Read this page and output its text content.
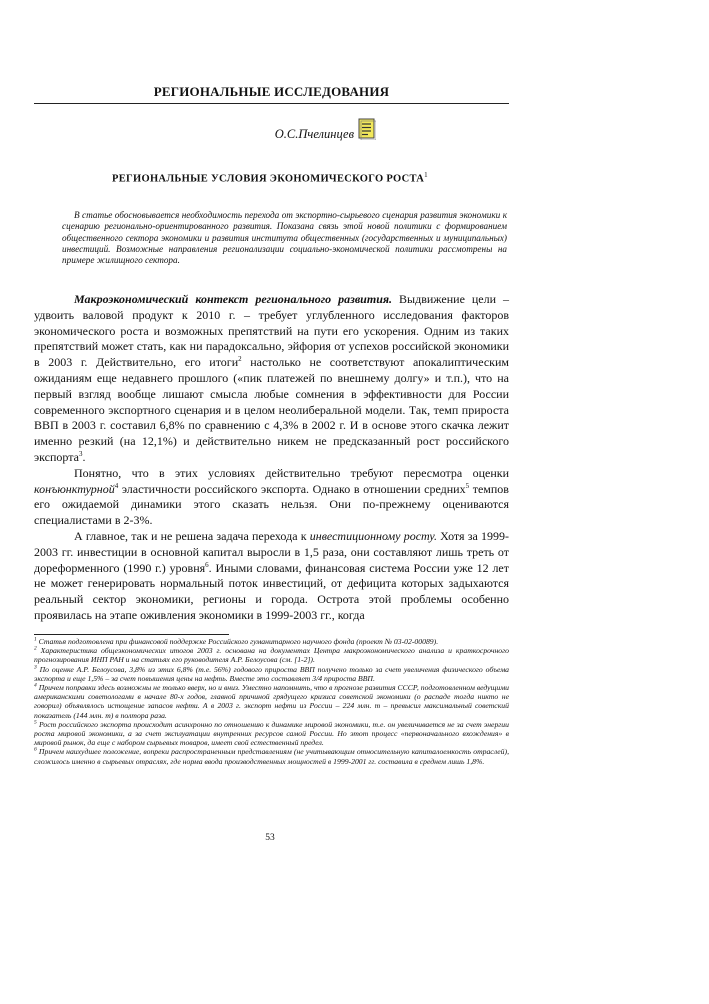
РЕГИОНАЛЬНЫЕ ИССЛЕДОВАНИЯ
О.С.Пчелинцев
РЕГИОНАЛЬНЫЕ УСЛОВИЯ ЭКОНОМИЧЕСКОГО РОСТА$^1$

В статье обосновывается необходимость перехода от экспортно-сырьевого сценария развития экономики к сценарию регионально-ориентированного развития. Показана связь этой новой политики с формированием общественного сектора экономики и развития института общественных (государственных и муниципальных) инвестиций. Возможные направления регионализации социально-экономической политики рассмотрены на примере жилищного сектора.

Макроэкономический контекст регионального развития. Выдвижение цели – удвоить валовой продукт к 2010 г. – требует углубленного исследования факторов экономического роста и возможных препятствий на пути его ускорения. Одним из таких препятствий может стать, как ни парадоксально, эйфория от успехов российской экономики в 2003 г. Действительно, его итоги$^2$ настолько не соответствуют апокалиптическим ожиданиям еще недавнего прошлого («пик платежей по внешнему долгу» и т.п.), что на первый взгляд вообще лишают смысла любые сомнения в эффективности для России современного экспортного сценария и в целом неолиберальной модели. Так, темп прироста ВВП в 2003 г. составил 6,8% по сравнению с 4,3% в 2002 г. И в основе этого скачка лежит именно резкий (на 12,1%) и действительно никем не предсказанный рост российского экспорта$^3$.

Понятно, что в этих условиях действительно требуют пересмотра оценки конъюнктурной$^4$ эластичности российского экспорта. Однако в отношении средних$^5$ темпов его ожидаемой динамики этого сказать нельзя. Они по-прежнему оцениваются специалистами в 2-3%.

А главное, так и не решена задача перехода к инвестиционному росту. Хотя за 1999-2003 гг. инвестиции в основной капитал выросли в 1,5 раза, они составляют лишь треть от дореформенного (1990 г.) уровня$^6$. Иными словами, финансовая система России уже 12 лет не может генерировать нормальный поток инвестиций, от дефицита которых задыхаются реальный сектор экономики, регионы и города. Острота этой проблемы особенно проявилась на этапе оживления экономики в 1999-2003 гг., когда

$^1$ Статья подготовлена при финансовой поддержке Российского гуманитарного научного фонда (проект № 03-02-00089).

$^2$ Характеристика общеэкономических итогов 2003 г. основана на документах Центра макроэкономического анализа и краткосрочного прогнозирования ИНП РАН и на статьях его руководителя А.Р. Белоусова (см. [1-2]).

$^3$ По оценке А.Р. Белоусова, 3,8% из этих 6,8% (т.е. 56%) годового прироста ВВП получено только за счет увеличения физического объема экспорта и еще 1,5% – за счет повышения цены на нефть. Вместе это составляет 3/4 прироста ВВП.

$^4$ Причем поправки здесь возможны не только вверх, но и вниз. Уместно напомнить, что в прогнозе развития СССР, подготовленном ведущими американскими советологами в начале 80-х годов, главной причиной грядущего кризиса советской экономики (о распаде тогда никто не говорил) объявлялось истощение запасов нефти. А в 2003 г. экспорт нефти из России – 224 млн. т – превысил максимальный советский показатель (144 млн. т) в полтора раза.

$^5$ Рост российского экспорта происходит асинхронно по отношению к динамике мировой экономики, т.е. он увеличивается не за счет энергии роста мировой экономики, а за счет эксплуатации внутренних ресурсов самой России. Но этот процесс «первоначального вхождения» в мировой рынок, да еще с набором сырьевых товаров, имеет свой естественный предел.

$^6$ Причем наихудшее положение, вопреки распространенным представлениям (не учитывающим относительную капиталоемкость отраслей), сложилось именно в сырьевых отраслях, где норма ввода производственных мощностей в 1999-2001 гг. составила в среднем лишь 1,8%.

53
